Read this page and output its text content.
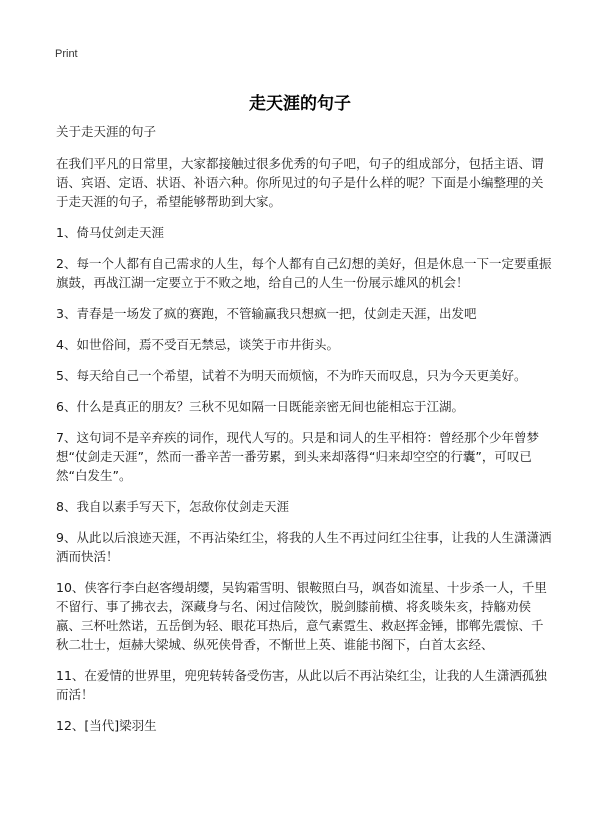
Print
走天涯的句子

关于走天涯的句子

在我们平凡的日常里，大家都接触过很多优秀的句子吧，句子的组成部分，包括主语、谓语、宾语、定语、状语、补语六种。你所见过的句子是什么样的呢？下面是小编整理的关于走天涯的句子，希望能够帮助到大家。

1、倚马仗剑走天涯

2、每一个人都有自己需求的人生，每个人都有自己幻想的美好，但是休息一下一定要重振旗鼓，再战江湖一定要立于不败之地，给自己的人生一份展示雄风的机会！

3、青春是一场发了疯的赛跑，不管输赢我只想疯一把，仗剑走天涯，出发吧

4、如世俗间，焉不受百无禁忌，谈笑于市井街头。

5、每天给自己一个希望，试着不为明天而烦恼，不为昨天而叹息，只为今天更美好。

6、什么是真正的朋友？三秋不见如隔一日既能亲密无间也能相忘于江湖。

7、这句词不是辛弃疾的词作，现代人写的。只是和词人的生平相符：曾经那个少年曾梦想“仗剑走天涯”，然而一番辛苦一番劳累，到头来却落得“归来却空空的行囊”，可叹已然“白发生”。

8、我自以素手写天下，怎敌你仗剑走天涯

9、从此以后浪迹天涯，不再沾染红尘，将我的人生不再过问红尘往事，让我的人生潇潇洒洒而快活！

10、侠客行李白赵客缦胡缨，吴钩霜雪明、银鞍照白马，飒沓如流星、十步杀一人，千里不留行、事了拂衣去，深藏身与名、闲过信陵饮，脱剑膝前横、将炙啖朱亥，持觞劝侯嬴、三杯吐然诺，五岳倒为轻、眼花耳热后，意气素霓生、救赵挥金锤，邯郸先震惊、千秋二壮士，烜赫大梁城、纵死侠骨香，不惭世上英、谁能书阁下，白首太玄经、

11、在爱情的世界里，兜兜转转备受伤害，从此以后不再沾染红尘，让我的人生潇洒孤独而活！

12、[当代]梁羽生
